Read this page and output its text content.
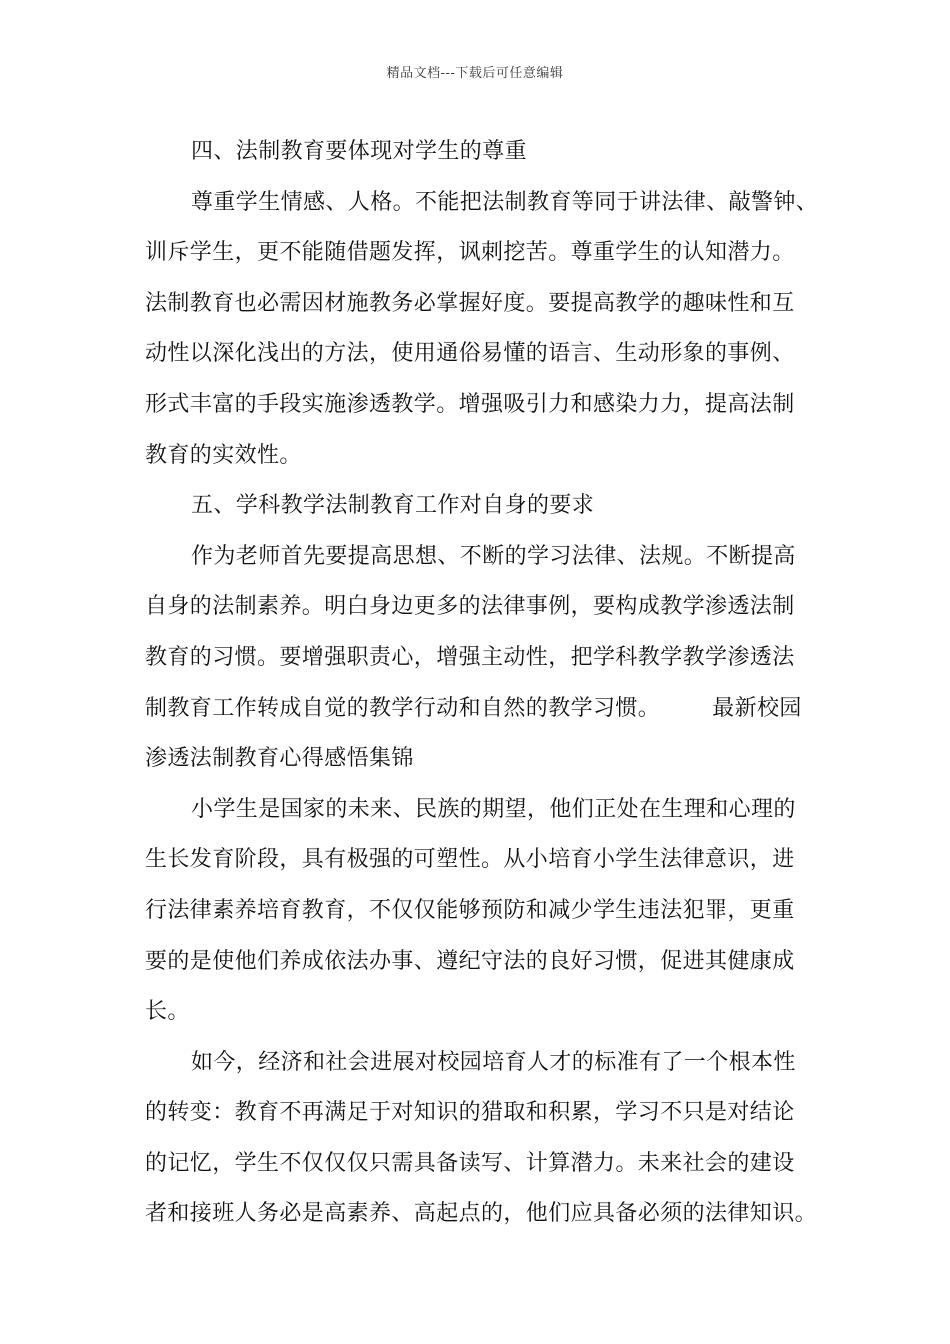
精品文档---下载后可任意编辑
四、法制教育要体现对学生的尊重
尊重学生情感、人格。不能把法制教育等同于讲法律、敲警钟、
训斥学生，更不能随借题发挥，讽刺挖苦。尊重学生的认知潜力。
法制教育也必需因材施教务必掌握好度。要提高教学的趣味性和互
动性以深化浅出的方法，使用通俗易懂的语言、生动形象的事例、
形式丰富的手段实施渗透教学。增强吸引力和感染力力，提高法制
教育的实效性。
五、学科教学法制教育工作对自身的要求
作为老师首先要提高思想、不断的学习法律、法规。不断提高
自身的法制素养。明白身边更多的法律事例，要构成教学渗透法制
教育的习惯。要增强职责心，增强主动性，把学科教学教学渗透法
制教育工作转成自觉的教学行动和自然的教学习惯。 最新校园
渗透法制教育心得感悟集锦
小学生是国家的未来、民族的期望，他们正处在生理和心理的
生长发育阶段，具有极强的可塑性。从小培育小学生法律意识，进
行法律素养培育教育，不仅仅能够预防和减少学生违法犯罪，更重
要的是使他们养成依法办事、遵纪守法的良好习惯，促进其健康成
长。
如今，经济和社会进展对校园培育人才的标准有了一个根本性
的转变：教育不再满足于对知识的猎取和积累，学习不只是对结论
的记忆，学生不仅仅仅只需具备读写、计算潜力。未来社会的建设
者和接班人务必是高素养、高起点的，他们应具备必须的法律知识。
